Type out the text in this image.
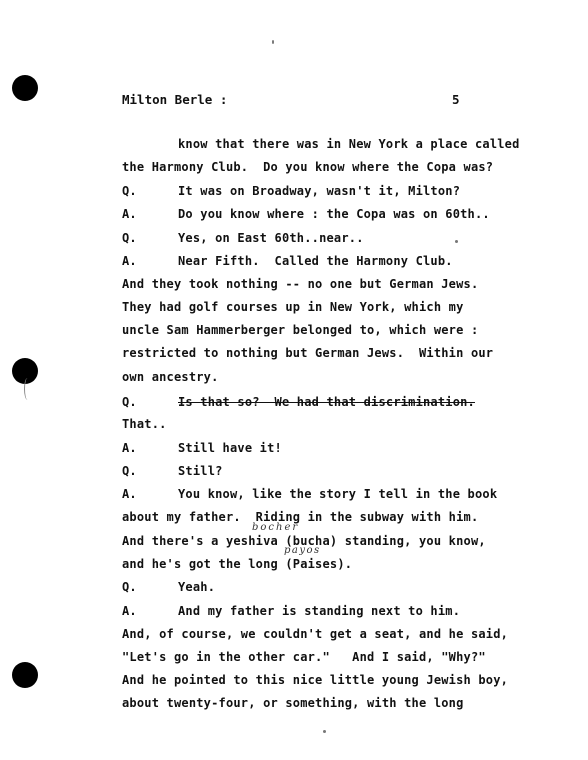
Milton Berle :	5
know that there was in New York a place called
the Harmony Club.  Do you know where the Copa was?
Q.	It was on Broadway, wasn't it, Milton?
A.	Do you know where : the Copa was on 60th..
Q.	Yes, on East 60th..near..
A.	Near Fifth.  Called the Harmony Club.
And they took nothing -- no one but German Jews.
They had golf courses up in New York, which my
uncle Sam Hammerberger belonged to, which were :
restricted to nothing but German Jews.  Within our
own ancestry.
Q.	Is that so?  We had that discrimination.
That..
A.	Still have it!
Q.	Still?
A.	You know, like the story I tell in the book
about my father.  Riding in the subway with him.
And there's a yeshiva (bucha) standing, you know,
and he's got the long (Paises).
Q.	Yeah.
A.	And my father is standing next to him.
And, of course, we couldn't get a seat, and he said,
"Let's go in the other car."   And I said, "Why?"
And he pointed to this nice little young Jewish boy,
about twenty-four, or something, with the long
bocher
payos
